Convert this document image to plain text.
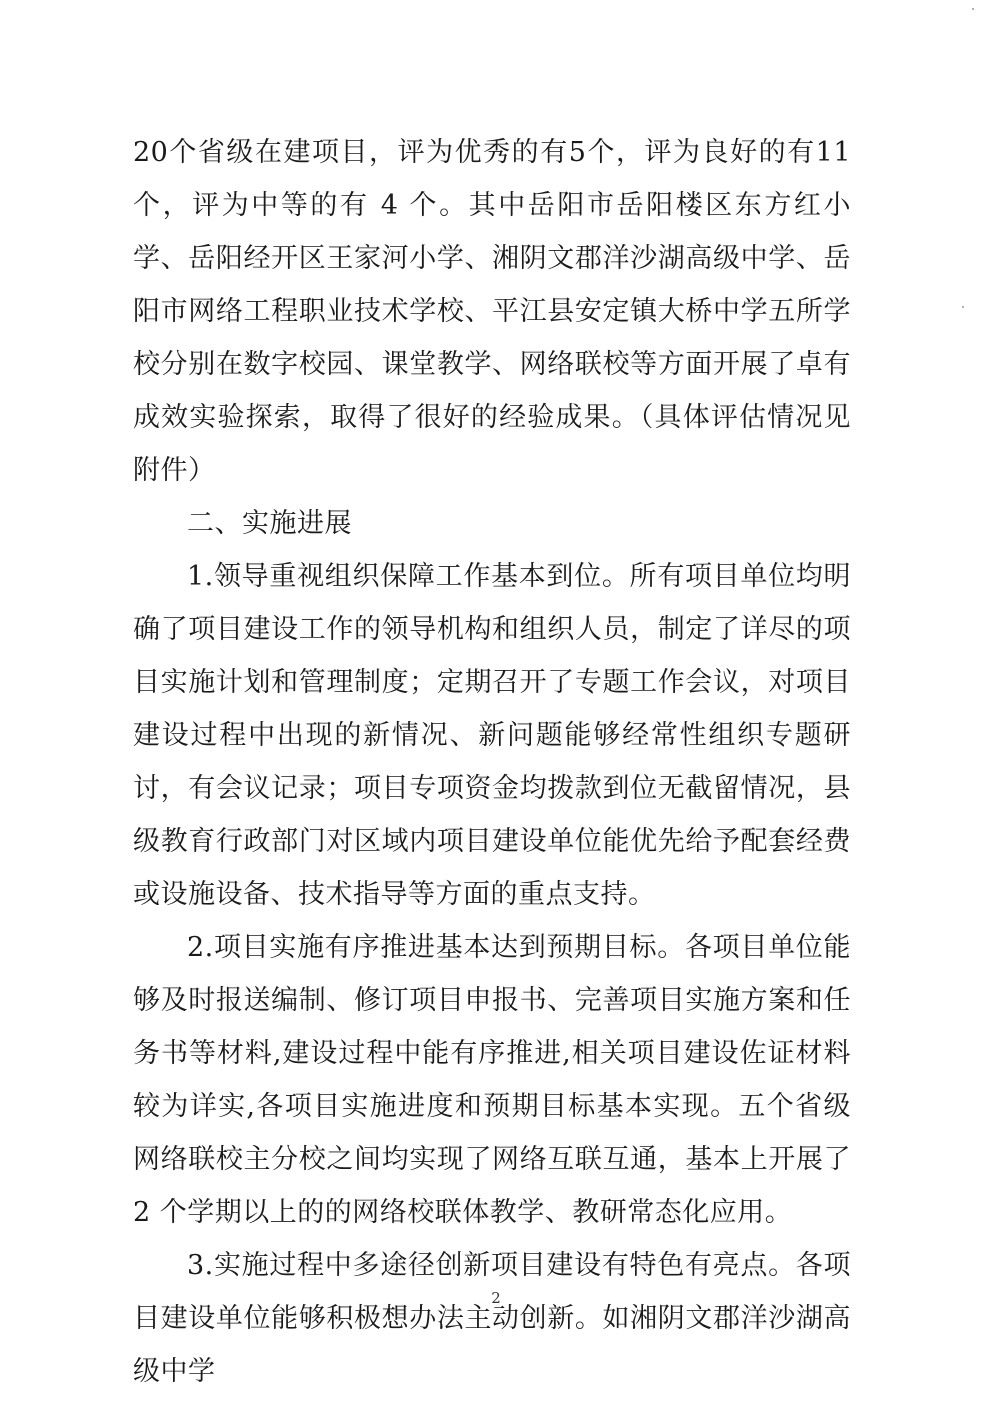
20个省级在建项目，评为优秀的有5个，评为良好的有11个，评为中等的有 4 个。其中岳阳市岳阳楼区东方红小学、岳阳经开区王家河小学、湘阴文郡洋沙湖高级中学、岳阳市网络工程职业技术学校、平江县安定镇大桥中学五所学校分别在数字校园、课堂教学、网络联校等方面开展了卓有成效实验探索，取得了很好的经验成果。（具体评估情况见附件）

二、实施进展

1.领导重视组织保障工作基本到位。所有项目单位均明确了项目建设工作的领导机构和组织人员，制定了详尽的项目实施计划和管理制度；定期召开了专题工作会议，对项目建设过程中出现的新情况、新问题能够经常性组织专题研讨，有会议记录；项目专项资金均拨款到位无截留情况，县级教育行政部门对区域内项目建设单位能优先给予配套经费或设施设备、技术指导等方面的重点支持。

2.项目实施有序推进基本达到预期目标。各项目单位能够及时报送编制、修订项目申报书、完善项目实施方案和任务书等材料,建设过程中能有序推进,相关项目建设佐证材料较为详实,各项目实施进度和预期目标基本实现。五个省级网络联校主分校之间均实现了网络互联互通，基本上开展了 2 个学期以上的的网络校联体教学、教研常态化应用。

3.实施过程中多途径创新项目建设有特色有亮点。各项目建设单位能够积极想办法主动创新。如湘阴文郡洋沙湖高级中学

2
